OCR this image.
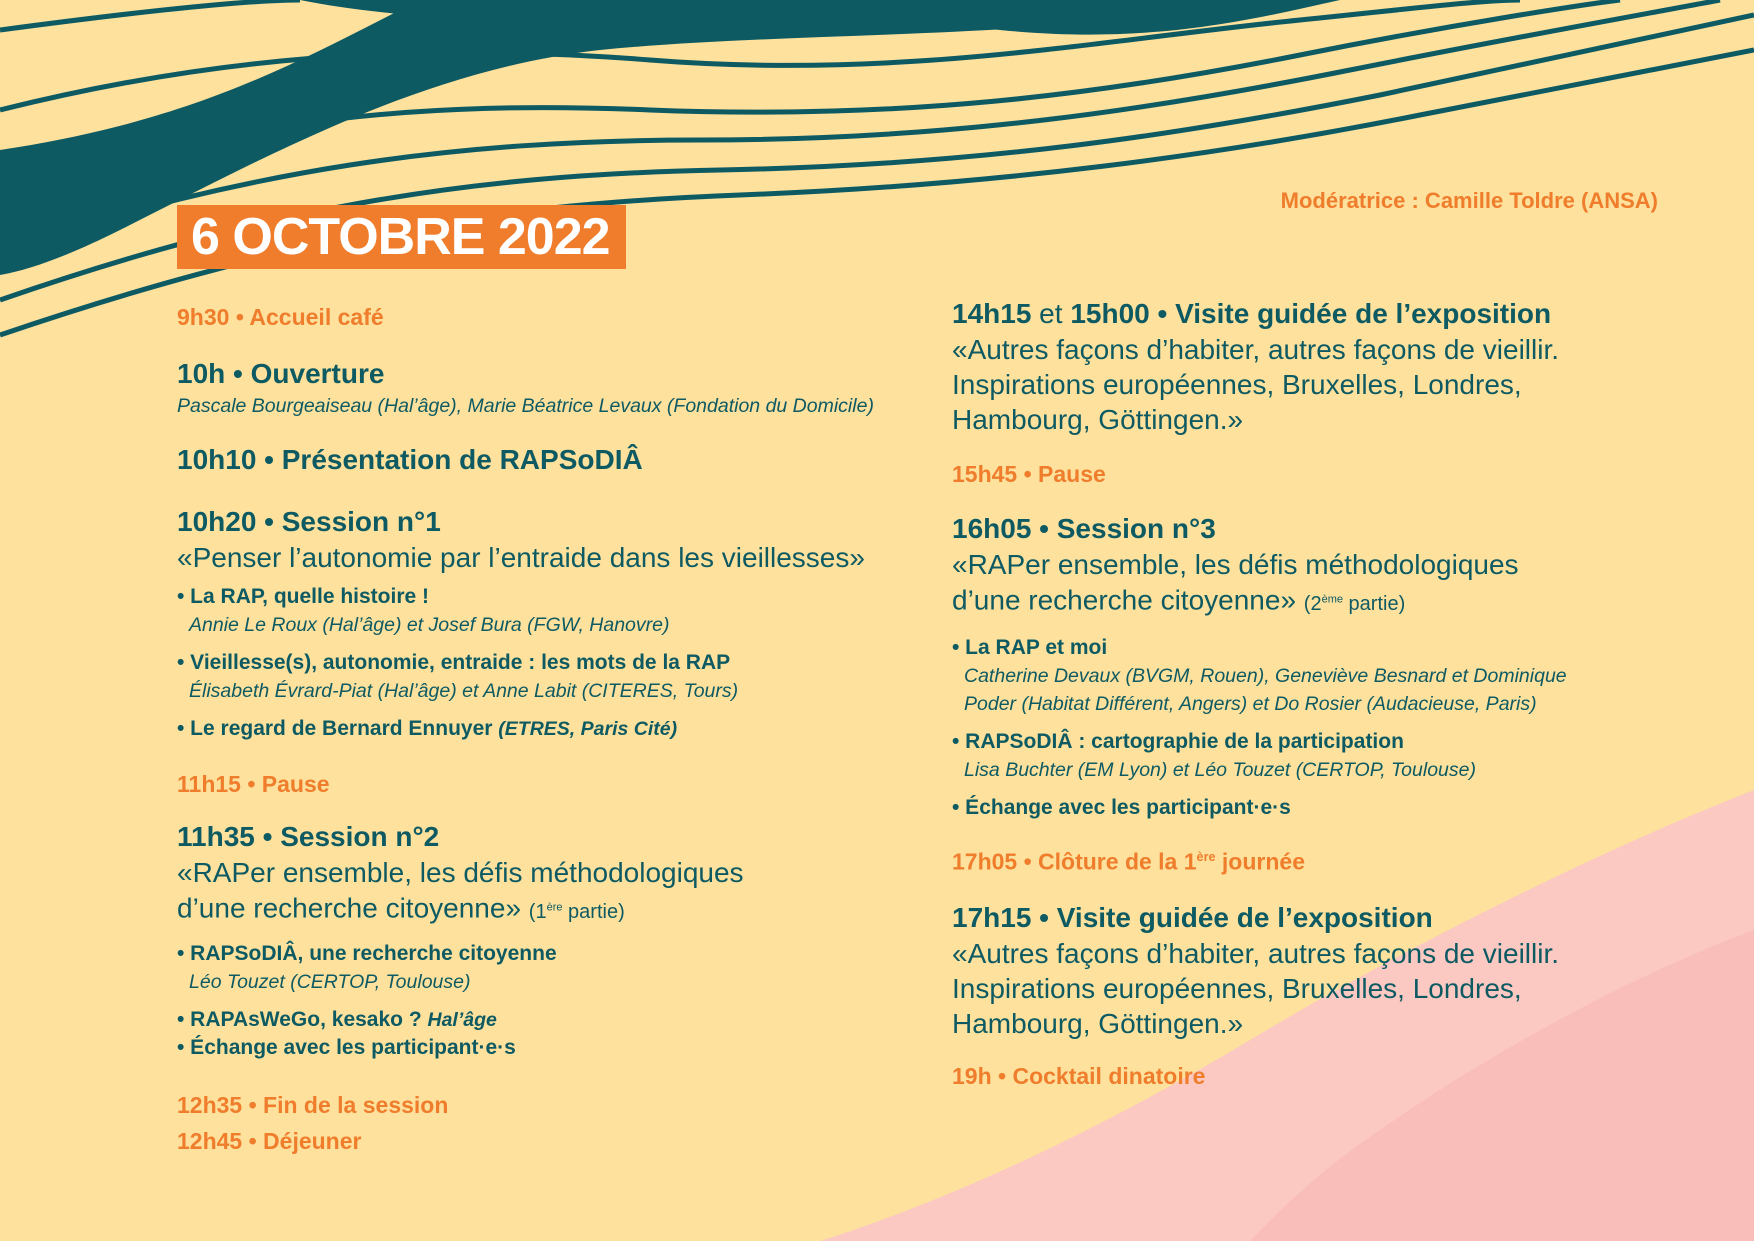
6 OCTOBRE 2022
Modératrice : Camille Toldre (ANSA)
9h30 • Accueil café
10h • Ouverture
Pascale Bourgeaiseau (Hal’âge), Marie Béatrice Levaux (Fondation du Domicile)
10h10 • Présentation de RAPSoDIÂ
10h20 • Session n°1
«Penser l’autonomie par l’entraide dans les vieillesses»
• La RAP, quelle histoire !
Annie Le Roux (Hal’âge) et Josef Bura (FGW, Hanovre)
• Vieillesse(s), autonomie, entraide : les mots de la RAP
Élisabeth Évrard-Piat (Hal’âge) et Anne Labit (CITERES, Tours)
• Le regard de Bernard Ennuyer (ETRES, Paris Cité)
11h15 • Pause
11h35 • Session n°2
«RAPer ensemble, les défis méthodologiques
d’une recherche citoyenne» (1ère partie)
• RAPSoDIÂ, une recherche citoyenne
Léo Touzet (CERTOP, Toulouse)
• RAPAsWeGo, kesako ? Hal’âge
• Échange avec les participant·e·s
12h35 • Fin de la session
12h45 • Déjeuner
14h15 et 15h00 • Visite guidée de l’exposition
«Autres façons d’habiter, autres façons de vieillir.
Inspirations européennes, Bruxelles, Londres,
Hambourg, Göttingen.»
15h45 • Pause
16h05 • Session n°3
«RAPer ensemble, les défis méthodologiques
d’une recherche citoyenne» (2ème partie)
• La RAP et moi
Catherine Devaux (BVGM, Rouen), Geneviève Besnard et Dominique
Poder (Habitat Différent, Angers) et Do Rosier (Audacieuse, Paris)
• RAPSoDIÂ : cartographie de la participation
Lisa Buchter (EM Lyon) et Léo Touzet (CERTOP, Toulouse)
• Échange avec les participant·e·s
17h05 • Clôture de la 1ère journée
17h15 • Visite guidée de l’exposition
«Autres façons d’habiter, autres façons de vieillir.
Inspirations européennes, Bruxelles, Londres,
Hambourg, Göttingen.»
19h • Cocktail dinatoire
